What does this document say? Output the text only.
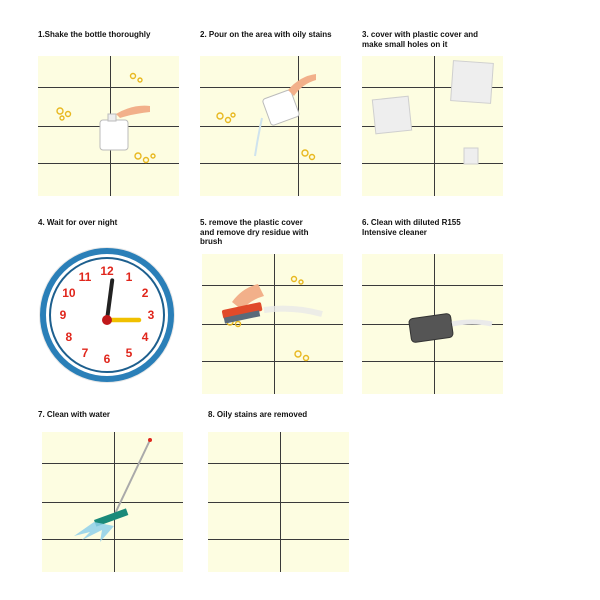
1.Shake the bottle thoroughly	2. Pour on the area with oily stains	3. cover with plastic cover and
make small holes on it
4. Wait for over night
12 1
2
3
4
5
6
7
8
9
10
11
5. remove the plastic cover
and remove dry residue with
brush
6. Clean with diluted R155
Intensive cleaner
7. Clean with water	8. Oily stains are removed
